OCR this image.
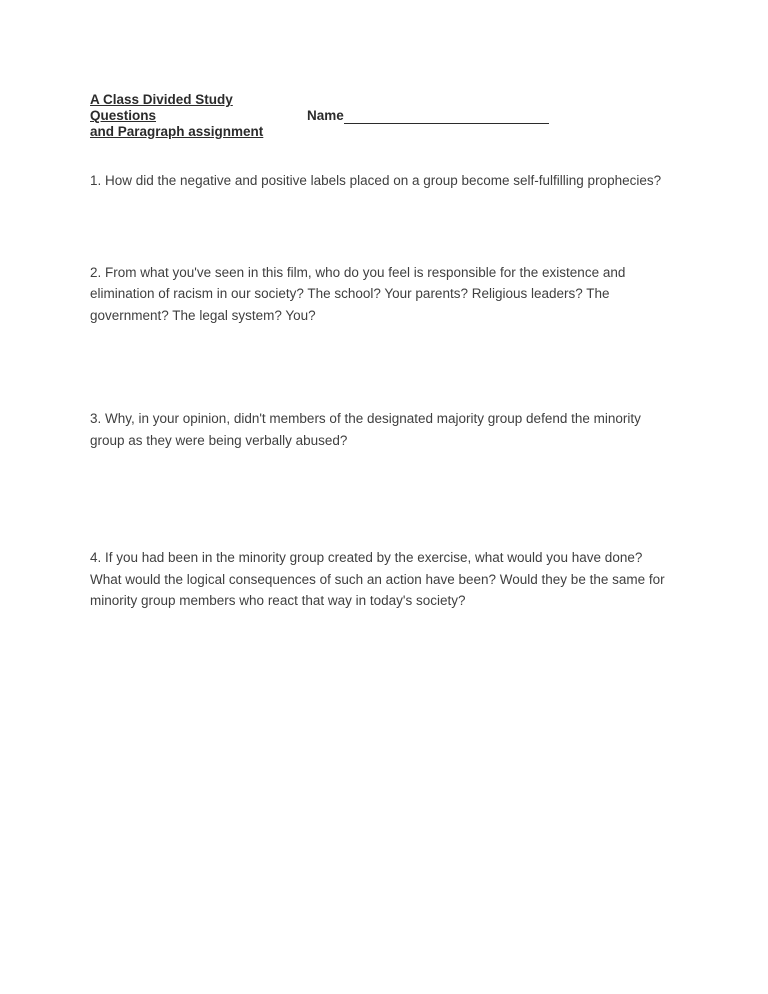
A Class Divided Study
Questions	Name
and Paragraph assignment
1. How did the negative and positive labels placed on a group become self-fulfilling prophecies?
2. From what you've seen in this film, who do you feel is responsible for the existence and elimination of racism in our society? The school? Your parents? Religious leaders? The government? The legal system? You?
3. Why, in your opinion, didn't members of the designated majority group defend the minority group as they were being verbally abused?
4. If you had been in the minority group created by the exercise, what would you have done? What would the logical consequences of such an action have been? Would they be the same for minority group members who react that way in today's society?
